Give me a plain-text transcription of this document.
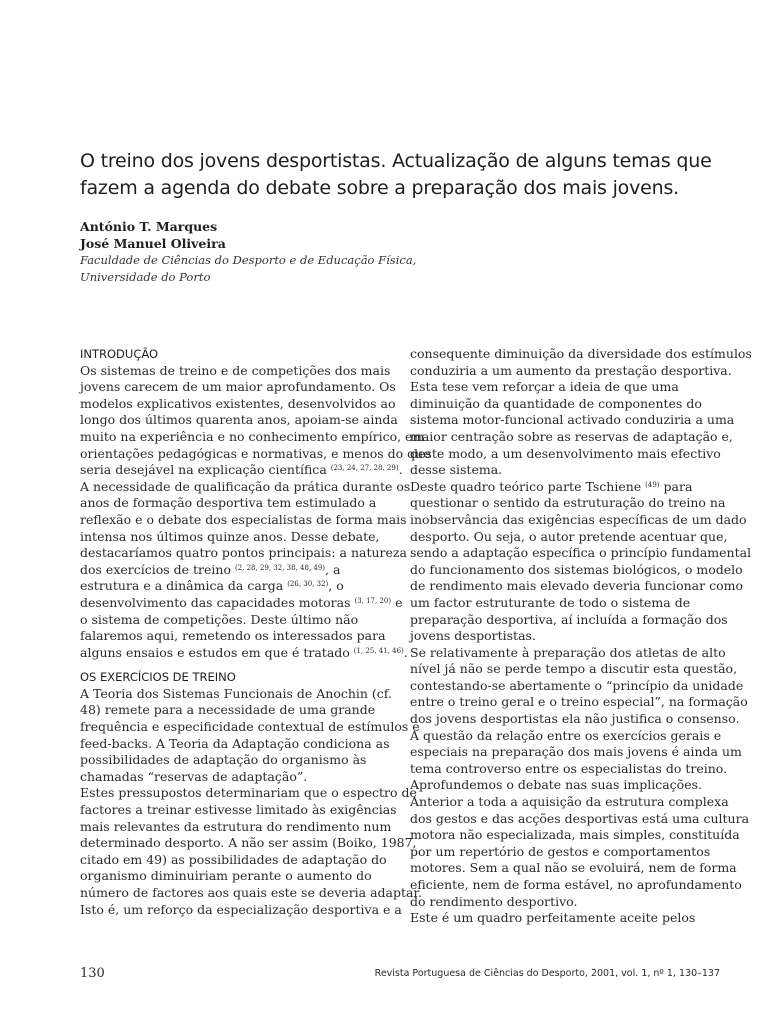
O treino dos jovens desportistas. Actualização de alguns temas que
fazem a agenda do debate sobre a preparação dos mais jovens.
António T. Marques
José Manuel Oliveira
Faculdade de Ciências do Desporto e de Educação Física,
Universidade do Porto
INTRODUÇÃO
Os sistemas de treino e de competições dos mais
jovens carecem de um maior aprofundamento. Os
modelos explicativos existentes, desenvolvidos ao
longo dos últimos quarenta anos, apoiam-se ainda
muito na experiência e no conhecimento empírico, em
orientações pedagógicas e normativas, e menos do que
seria desejável na explicação científica $^{(23, 24, 27, 28, 29)}$.
A necessidade de qualificação da prática durante os
anos de formação desportiva tem estimulado a
reflexão e o debate dos especialistas de forma mais
intensa nos últimos quinze anos. Desse debate,
destacaríamos quatro pontos principais: a natureza
dos exercícios de treino $^{(2, 28, 29, 32, 38, 48, 49)}$, a
estrutura e a dinâmica da carga $^{(26, 30, 32)}$, o
desenvolvimento das capacidades motoras $^{(3, 17, 20)}$ e
o sistema de competições. Deste último não
falaremos aqui, remetendo os interessados para
alguns ensaios e estudos em que é tratado $^{(1, 25, 41, 46)}$.
OS EXERCÍCIOS DE TREINO
A Teoria dos Sistemas Funcionais de Anochin (cf.
48) remete para a necessidade de uma grande
frequência e especificidade contextual de estímulos e
feed-backs. A Teoria da Adaptação condiciona as
possibilidades de adaptação do organismo às
chamadas “reservas de adaptação”.
Estes pressupostos determinariam que o espectro de
factores a treinar estivesse limitado às exigências
mais relevantes da estrutura do rendimento num
determinado desporto. A não ser assim (Boiko, 1987,
citado em 49) as possibilidades de adaptação do
organismo diminuiriam perante o aumento do
número de factores aos quais este se deveria adaptar.
Isto é, um reforço da especialização desportiva e a
consequente diminuição da diversidade dos estímulos
conduziria a um aumento da prestação desportiva.
Esta tese vem reforçar a ideia de que uma
diminuição da quantidade de componentes do
sistema motor-funcional activado conduziria a uma
maior centração sobre as reservas de adaptação e,
deste modo, a um desenvolvimento mais efectivo
desse sistema.
Deste quadro teórico parte Tschiene $^{(49)}$ para
questionar o sentido da estruturação do treino na
inobservância das exigências específicas de um dado
desporto. Ou seja, o autor pretende acentuar que,
sendo a adaptação específica o princípio fundamental
do funcionamento dos sistemas biológicos, o modelo
de rendimento mais elevado deveria funcionar como
um factor estruturante de todo o sistema de
preparação desportiva, aí incluída a formação dos
jovens desportistas.
Se relativamente à preparação dos atletas de alto
nível já não se perde tempo a discutir esta questão,
contestando-se abertamente o “princípio da unidade
entre o treino geral e o treino especial”, na formação
dos jovens desportistas ela não justifica o consenso.
A questão da relação entre os exercícios gerais e
especiais na preparação dos mais jovens é ainda um
tema controverso entre os especialistas do treino.
Aprofundemos o debate nas suas implicações.
Anterior a toda a aquisição da estrutura complexa
dos gestos e das acções desportivas está uma cultura
motora não especializada, mais simples, constituída
por um repertório de gestos e comportamentos
motores. Sem a qual não se evoluirá, nem de forma
eficiente, nem de forma estável, no aprofundamento
do rendimento desportivo.
Este é um quadro perfeitamente aceite pelos
130	Revista Portuguesa de Ciências do Desporto, 2001, vol. 1, nº 1, 130–137
